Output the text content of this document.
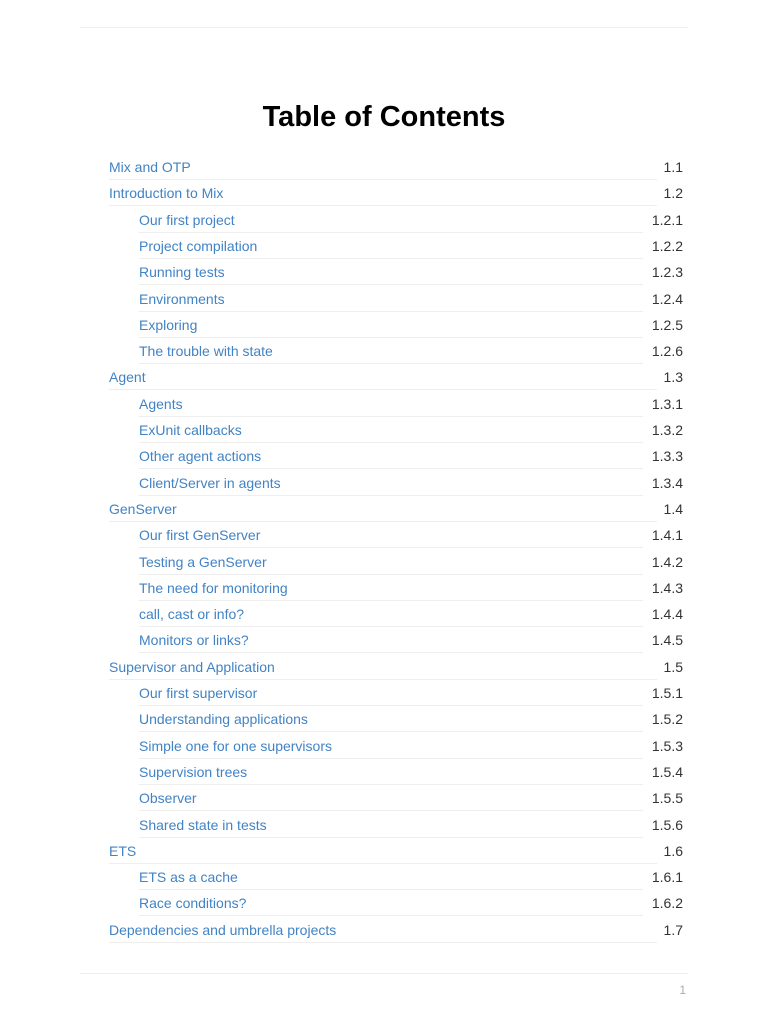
Table of Contents
Mix and OTP	1.1
Introduction to Mix	1.2
Our first project	1.2.1
Project compilation	1.2.2
Running tests	1.2.3
Environments	1.2.4
Exploring	1.2.5
The trouble with state	1.2.6
Agent	1.3
Agents	1.3.1
ExUnit callbacks	1.3.2
Other agent actions	1.3.3
Client/Server in agents	1.3.4
GenServer	1.4
Our first GenServer	1.4.1
Testing a GenServer	1.4.2
The need for monitoring	1.4.3
call, cast or info?	1.4.4
Monitors or links?	1.4.5
Supervisor and Application	1.5
Our first supervisor	1.5.1
Understanding applications	1.5.2
Simple one for one supervisors	1.5.3
Supervision trees	1.5.4
Observer	1.5.5
Shared state in tests	1.5.6
ETS	1.6
ETS as a cache	1.6.1
Race conditions?	1.6.2
Dependencies and umbrella projects	1.7
1
